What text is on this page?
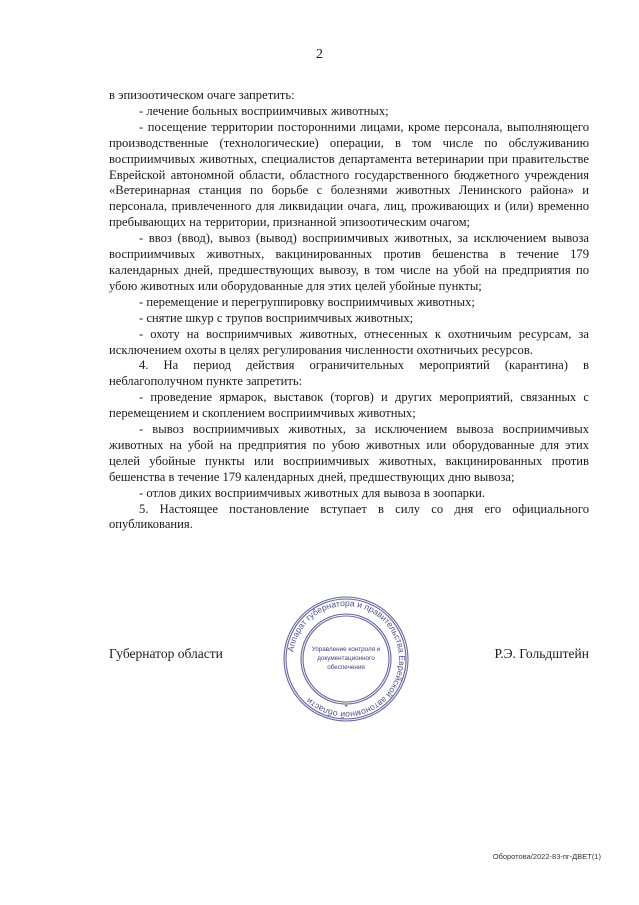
2

в эпизоотическом очаге запретить:

- лечение больных восприимчивых животных;

- посещение территории посторонними лицами, кроме персонала, выполняющего производственные (технологические) операции, в том числе по обслуживанию восприимчивых животных, специалистов департамента ветеринарии при правительстве Еврейской автономной области, областного государственного бюджетного учреждения «Ветеринарная станция по борьбе с болезнями животных Ленинского района» и персонала, привлеченного для ликвидации очага, лиц, проживающих и (или) временно пребывающих на территории, признанной эпизоотическим очагом;

- ввоз (ввод), вывоз (вывод) восприимчивых животных, за исключением вывоза восприимчивых животных, вакцинированных против бешенства в течение 179 календарных дней, предшествующих вывозу, в том числе на убой на предприятия по убою животных или оборудованные для этих целей убойные пункты;

- перемещение и перегруппировку восприимчивых животных;

- снятие шкур с трупов восприимчивых животных;

- охоту на восприимчивых животных, отнесенных к охотничьим ресурсам, за исключением охоты в целях регулирования численности охотничьих ресурсов.

4. На период действия ограничительных мероприятий (карантина) в неблагополучном пункте запретить:

- проведение ярмарок, выставок (торгов) и других мероприятий, связанных с перемещением и скоплением восприимчивых животных;

- вывоз восприимчивых животных, за исключением вывоза восприимчивых животных на убой на предприятия по убою животных или оборудованные для этих целей убойные пункты или восприимчивых животных, вакцинированных против бешенства в течение 179 календарных дней, предшествующих дню вывоза;

- отлов диких восприимчивых животных для вывоза в зоопарки.

5. Настоящее постановление вступает в силу со дня его официального опубликования.

Губернатор области	Р.Э. Гольдштейн
Аппарат губернатора и правительства Еврейской автономной области
Управление контроля и
документационного
обеспечения
*
Оборотова/2022-83-пг-ДВЕТ(1)
